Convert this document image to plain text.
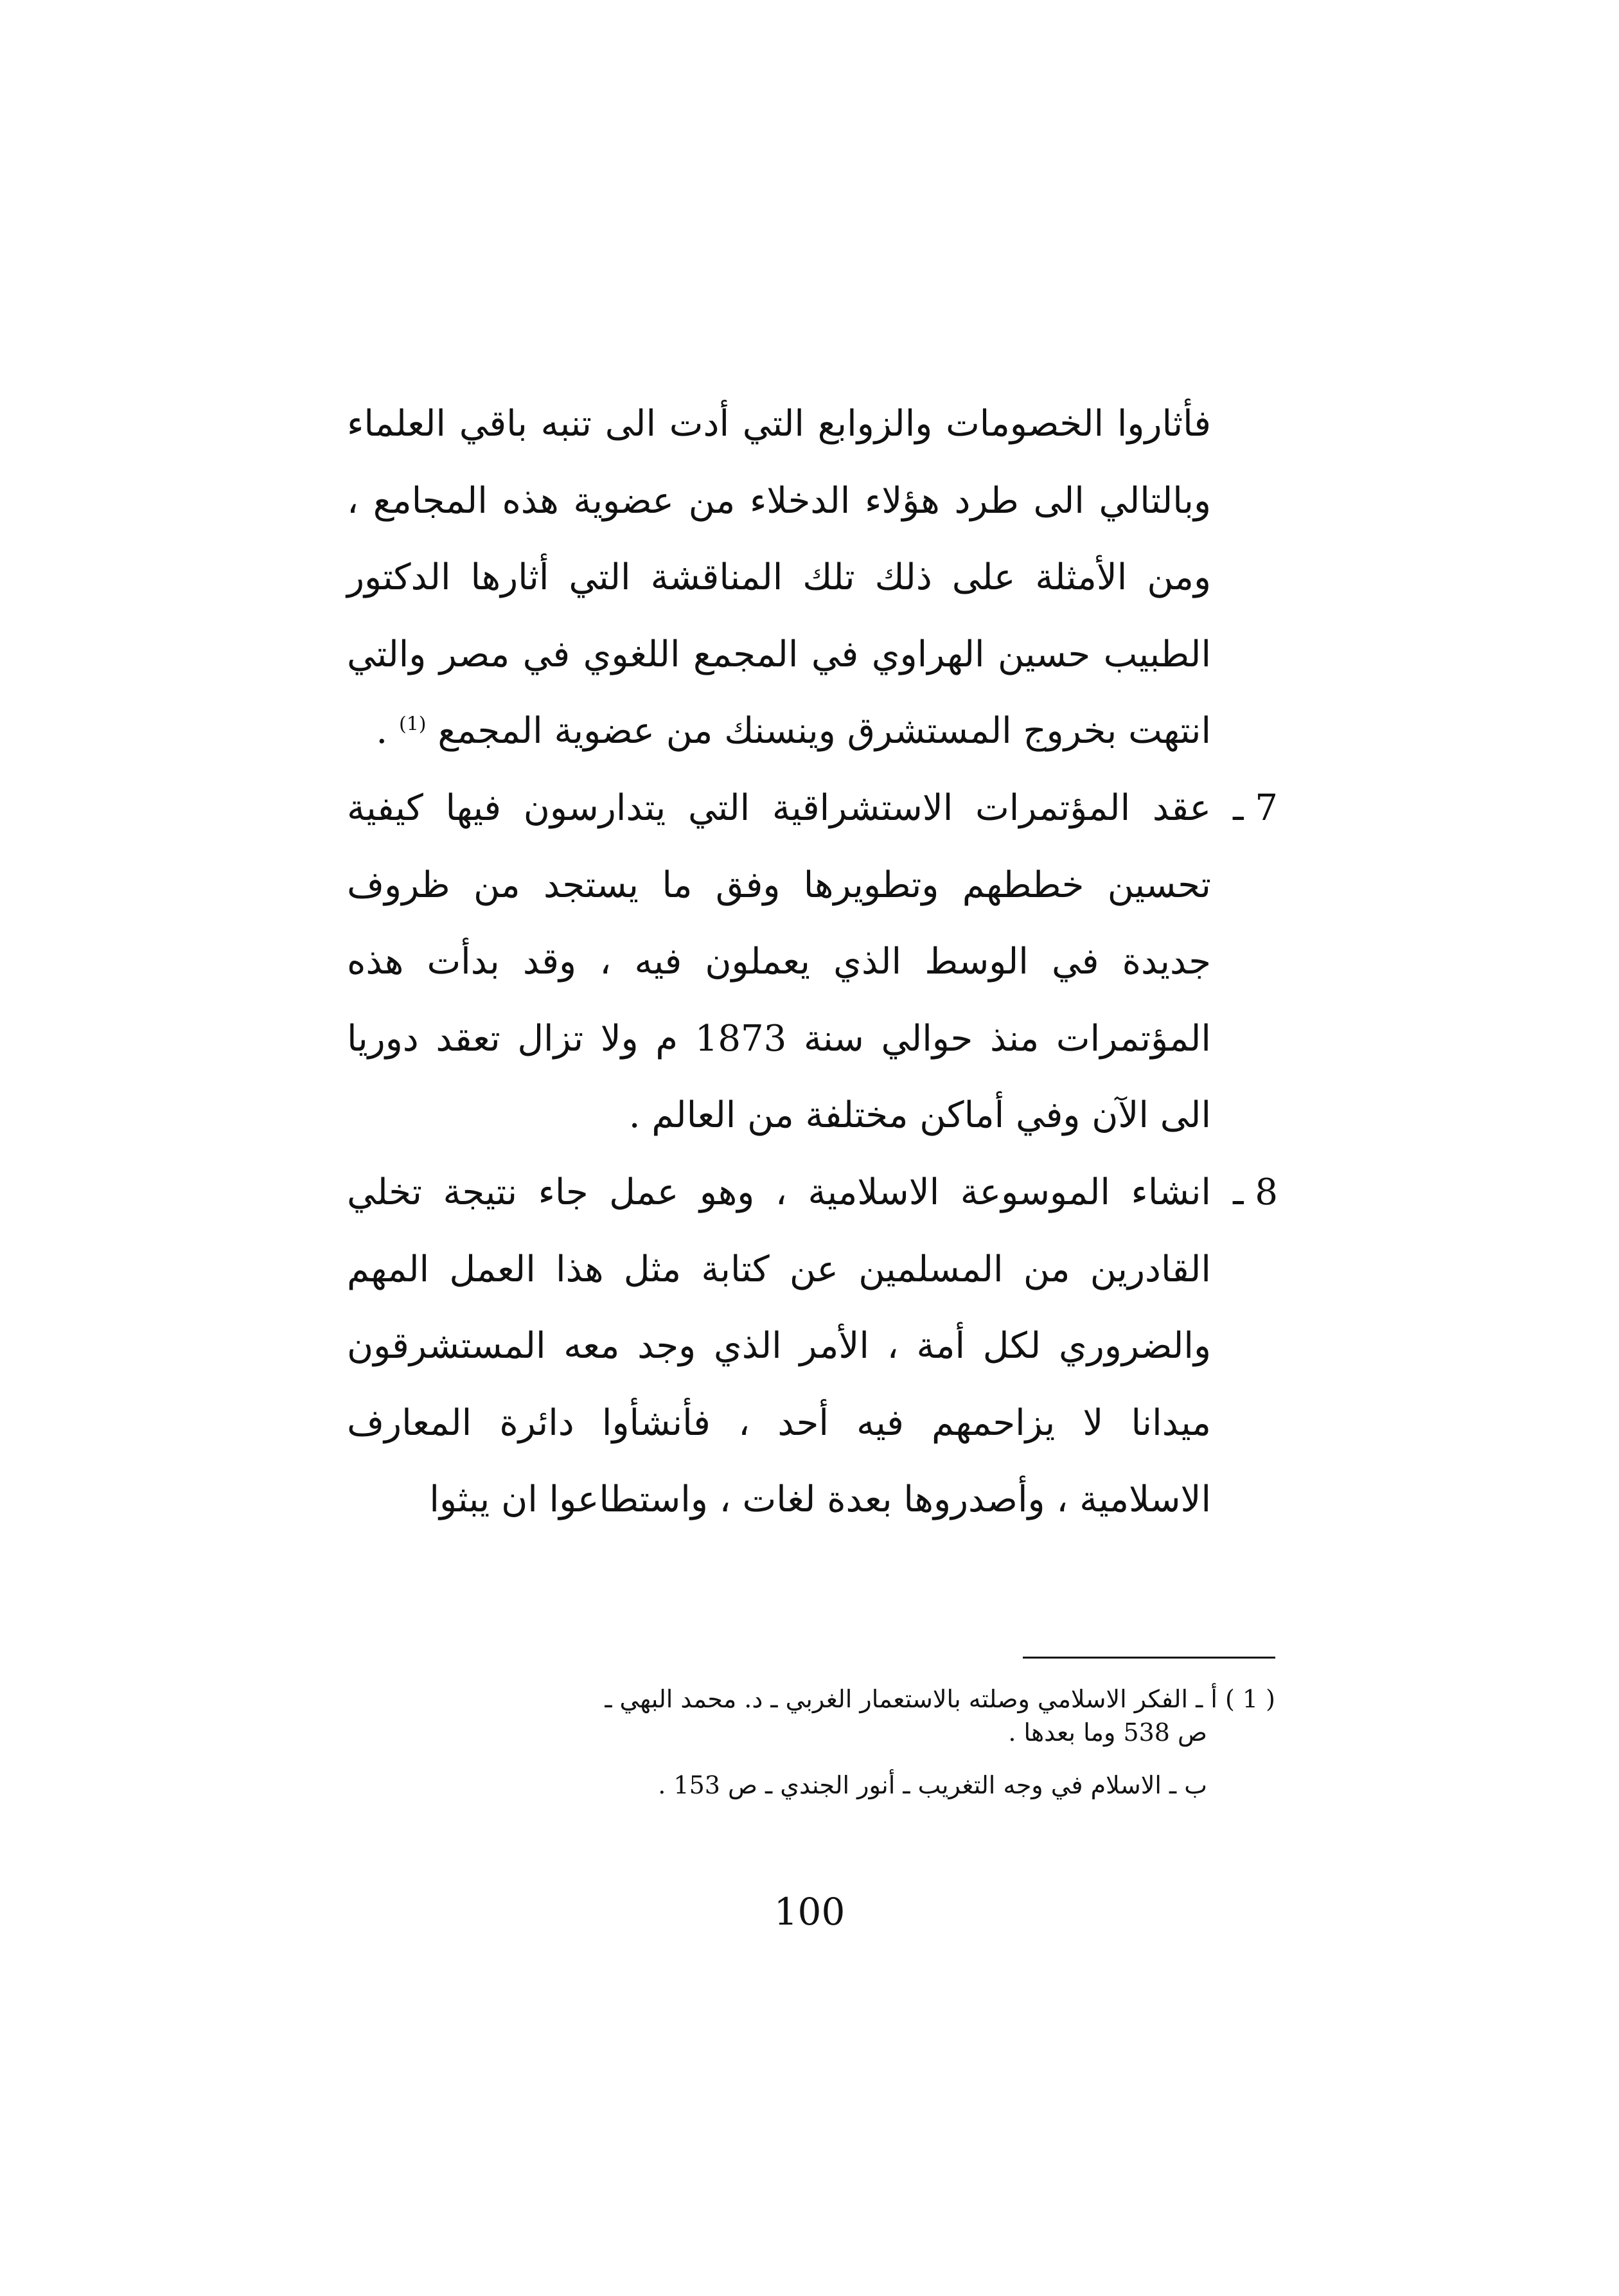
فأثاروا الخصومات والزوابع التي أدت الى تنبه باقي العلماء وبالتالي الى طرد هؤلاء الدخلاء من عضوية هذه المجامع ، ومن الأمثلة على ذلك تلك المناقشة التي أثارها الدكتور الطبيب حسين الهراوي في المجمع اللغوي في مصر والتي انتهت بخروج المستشرق وينسنك من عضوية المجمع $^{(1)}$ .

7 ـ
عقد المؤتمرات الاستشراقية التي يتدارسون فيها كيفية تحسين خططهم وتطويرها وفق ما يستجد من ظروف جديدة في الوسط الذي يعملون فيه ، وقد بدأت هذه المؤتمرات منذ حوالي سنة 1873 م ولا تزال تعقد دوريا الى الآن وفي أماكن مختلفة من العالم .

8 ـ
انشاء الموسوعة الاسلامية ، وهو عمل جاء نتيجة تخلي القادرين من المسلمين عن كتابة مثل هذا العمل المهم والضروري لكل أمة ، الأمر الذي وجد معه المستشرقون ميدانا لا يزاحمهم فيه أحد ، فأنشأوا دائرة المعارف الاسلامية ، وأصدروها بعدة لغات ، واستطاعوا ان يبثوا

( 1 ) أ ـ الفكر الاسلامي وصلته بالاستعمار الغربي ـ د. محمد البهي ـ

ص 538 وما بعدها .

ب ـ الاسلام في وجه التغريب ـ أنور الجندي ـ ص 153 .

100
